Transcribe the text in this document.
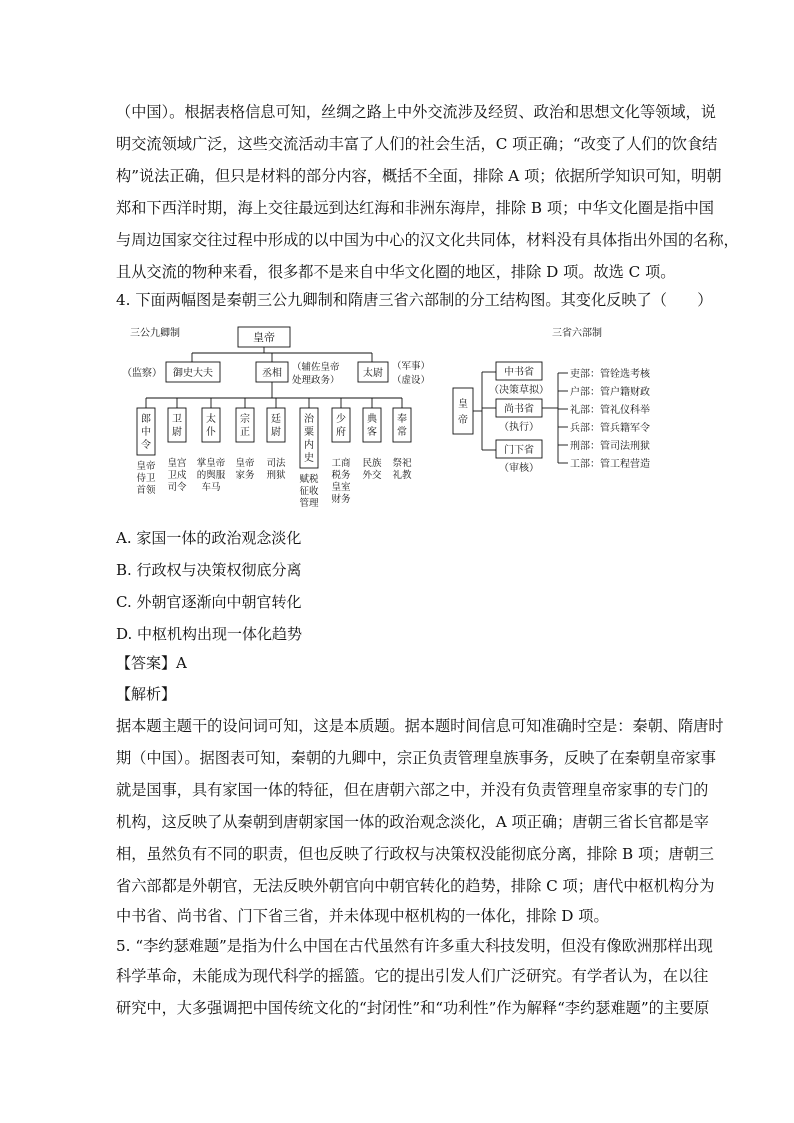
（中国）。根据表格信息可知，丝绸之路上中外交流涉及经贸、政治和思想文化等领域，说
明交流领域广泛，这些交流活动丰富了人们的社会生活，C 项正确；“改变了人们的饮食结
构”说法正确，但只是材料的部分内容，概括不全面，排除 A 项；依据所学知识可知，明朝
郑和下西洋时期，海上交往最远到达红海和非洲东海岸，排除 B 项；中华文化圈是指中国
与周边国家交往过程中形成的以中国为中心的汉文化共同体，材料没有具体指出外国的名称，
且从交流的物种来看，很多都不是来自中华文化圈的地区，排除 D 项。故选 C 项。
4. 下面两幅图是秦朝三公九卿制和隋唐三省六部制的分工结构图。其变化反映了（　　）
三公九卿制	皇帝
（监察） 御史大夫	丞相
（辅佐皇帝
处理政务）
太尉
（军事）
（虚设）
郎
中
令
皇帝
侍卫
首领
卫
尉
皇宫
卫戍
司令
太
仆
掌皇帝
的舆服
车马
宗
正
皇帝
家务
廷
尉
司法
刑狱
治
粟
内
史
赋税
征收
管理
少
府
工商
税务
皇室
财务
典
客
民族
外交
奉
常
祭祀
礼教
三省六部制
皇
帝
中书省
（决策草拟）
尚书省
（执行）
门下省
（审核）
吏部：管铨选考核
户部：管户籍财政
礼部：管礼仪科举
兵部：管兵籍军令
刑部：管司法刑狱
工部：管工程营造
A. 家国一体的政治观念淡化
B. 行政权与决策权彻底分离
C. 外朝官逐渐向中朝官转化
D. 中枢机构出现一体化趋势
【答案】A
【解析】
据本题主题干的设问词可知，这是本质题。据本题时间信息可知准确时空是：秦朝、隋唐时
期（中国）。据图表可知，秦朝的九卿中，宗正负责管理皇族事务，反映了在秦朝皇帝家事
就是国事，具有家国一体的特征，但在唐朝六部之中，并没有负责管理皇帝家事的专门的
机构，这反映了从秦朝到唐朝家国一体的政治观念淡化，A 项正确；唐朝三省长官都是宰
相，虽然负有不同的职责，但也反映了行政权与决策权没能彻底分离，排除 B 项；唐朝三
省六部都是外朝官，无法反映外朝官向中朝官转化的趋势，排除 C 项；唐代中枢机构分为
中书省、尚书省、门下省三省，并未体现中枢机构的一体化，排除 D 项。
5. “李约瑟难题”是指为什么中国在古代虽然有许多重大科技发明，但没有像欧洲那样出现
科学革命，未能成为现代科学的摇篮。它的提出引发人们广泛研究。有学者认为，在以往
研究中，大多强调把中国传统文化的“封闭性”和“功利性”作为解释“李约瑟难题”的主要原
